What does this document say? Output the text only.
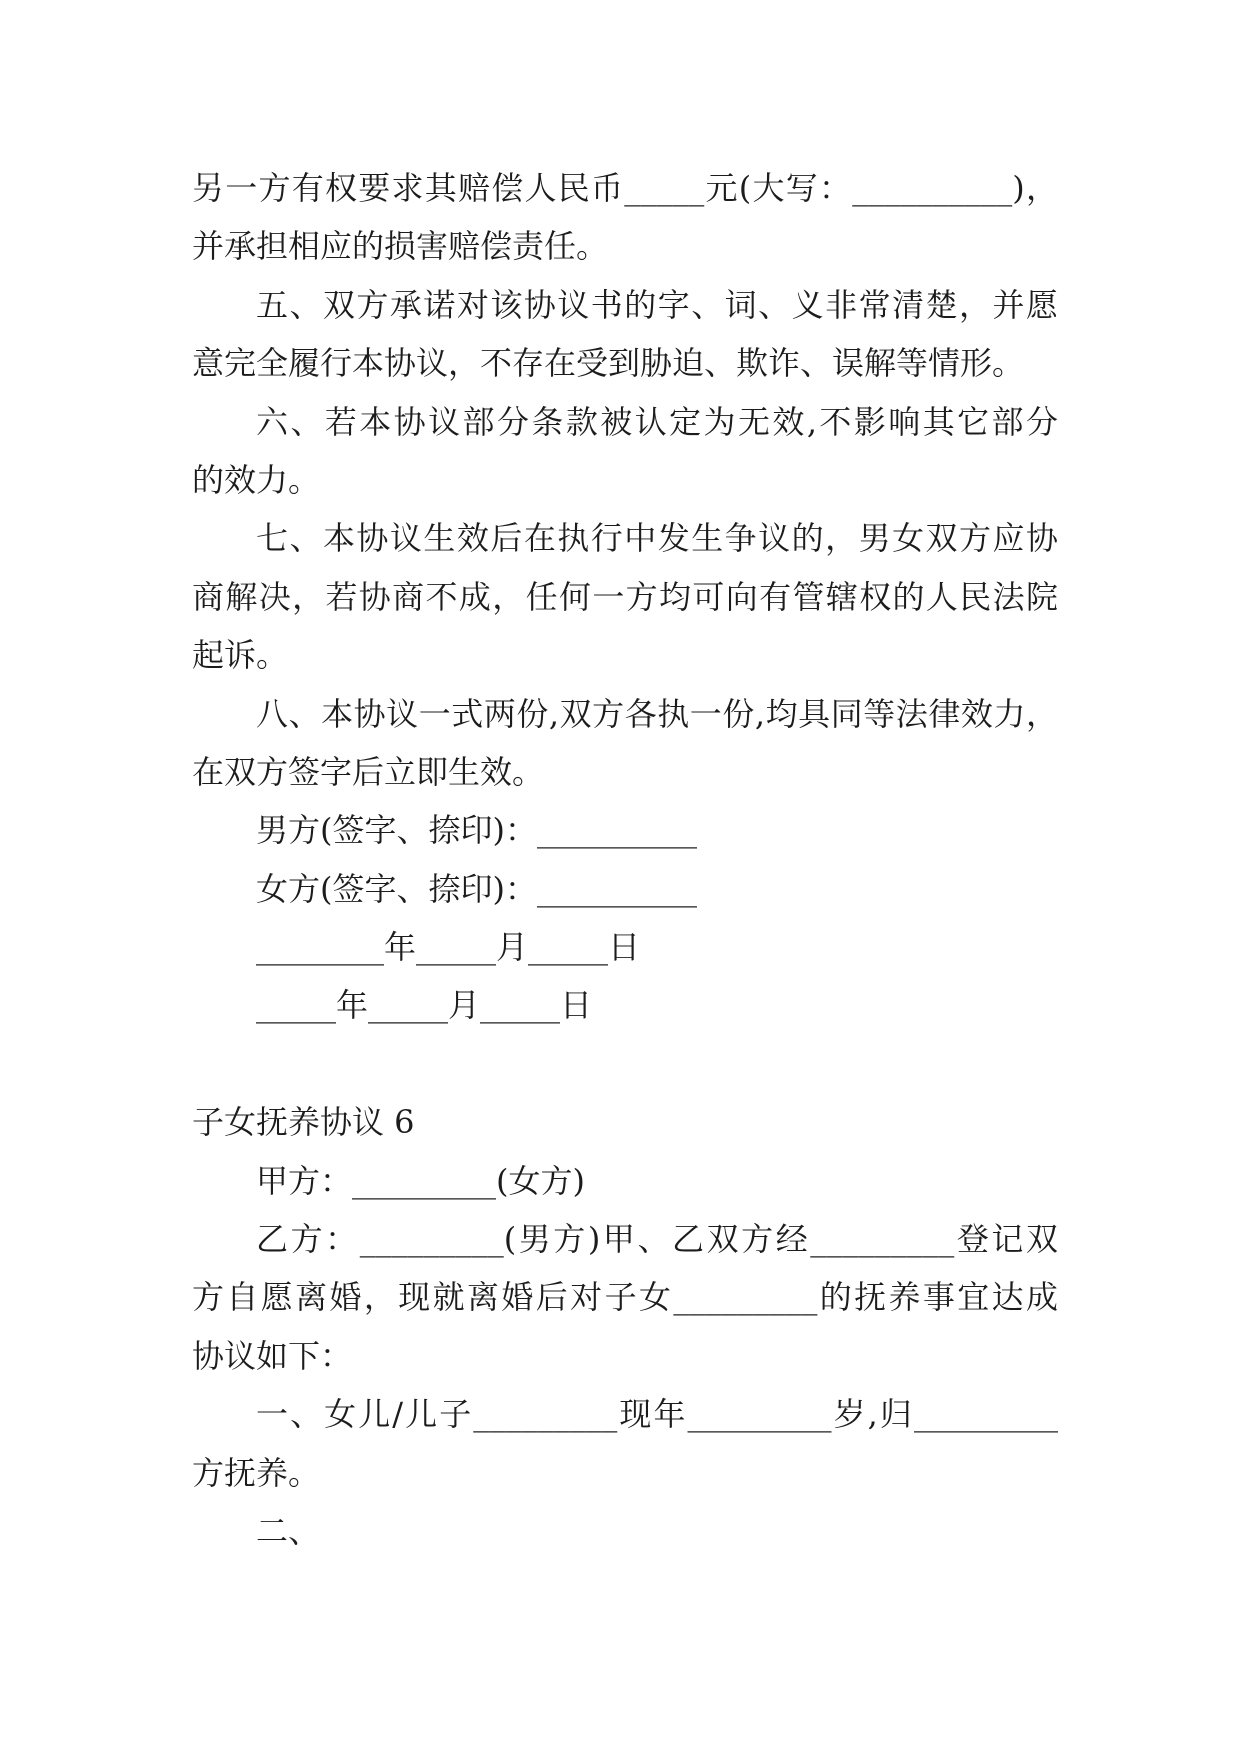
另一方有权要求其赔偿人民币_____元(大写：__________)，
并承担相应的损害赔偿责任。
五、双方承诺对该协议书的字、词、义非常清楚，并愿
意完全履行本协议，不存在受到胁迫、欺诈、误解等情形。
六、若本协议部分条款被认定为无效,不影响其它部分
的效力。
七、本协议生效后在执行中发生争议的，男女双方应协
商解决，若协商不成，任何一方均可向有管辖权的人民法院
起诉。
八、本协议一式两份,双方各执一份,均具同等法律效力，
在双方签字后立即生效。
男方(签字、捺印)：__________
女方(签字、捺印)：__________
________年_____月_____日
_____年_____月_____日
子女抚养协议 6
甲方：_________(女方)
乙方：_________(男方)甲、乙双方经_________登记双
方自愿离婚，现就离婚后对子女_________的抚养事宜达成
协议如下：
一、女儿/儿子_________现年_________岁,归_________
方抚养。
二、
